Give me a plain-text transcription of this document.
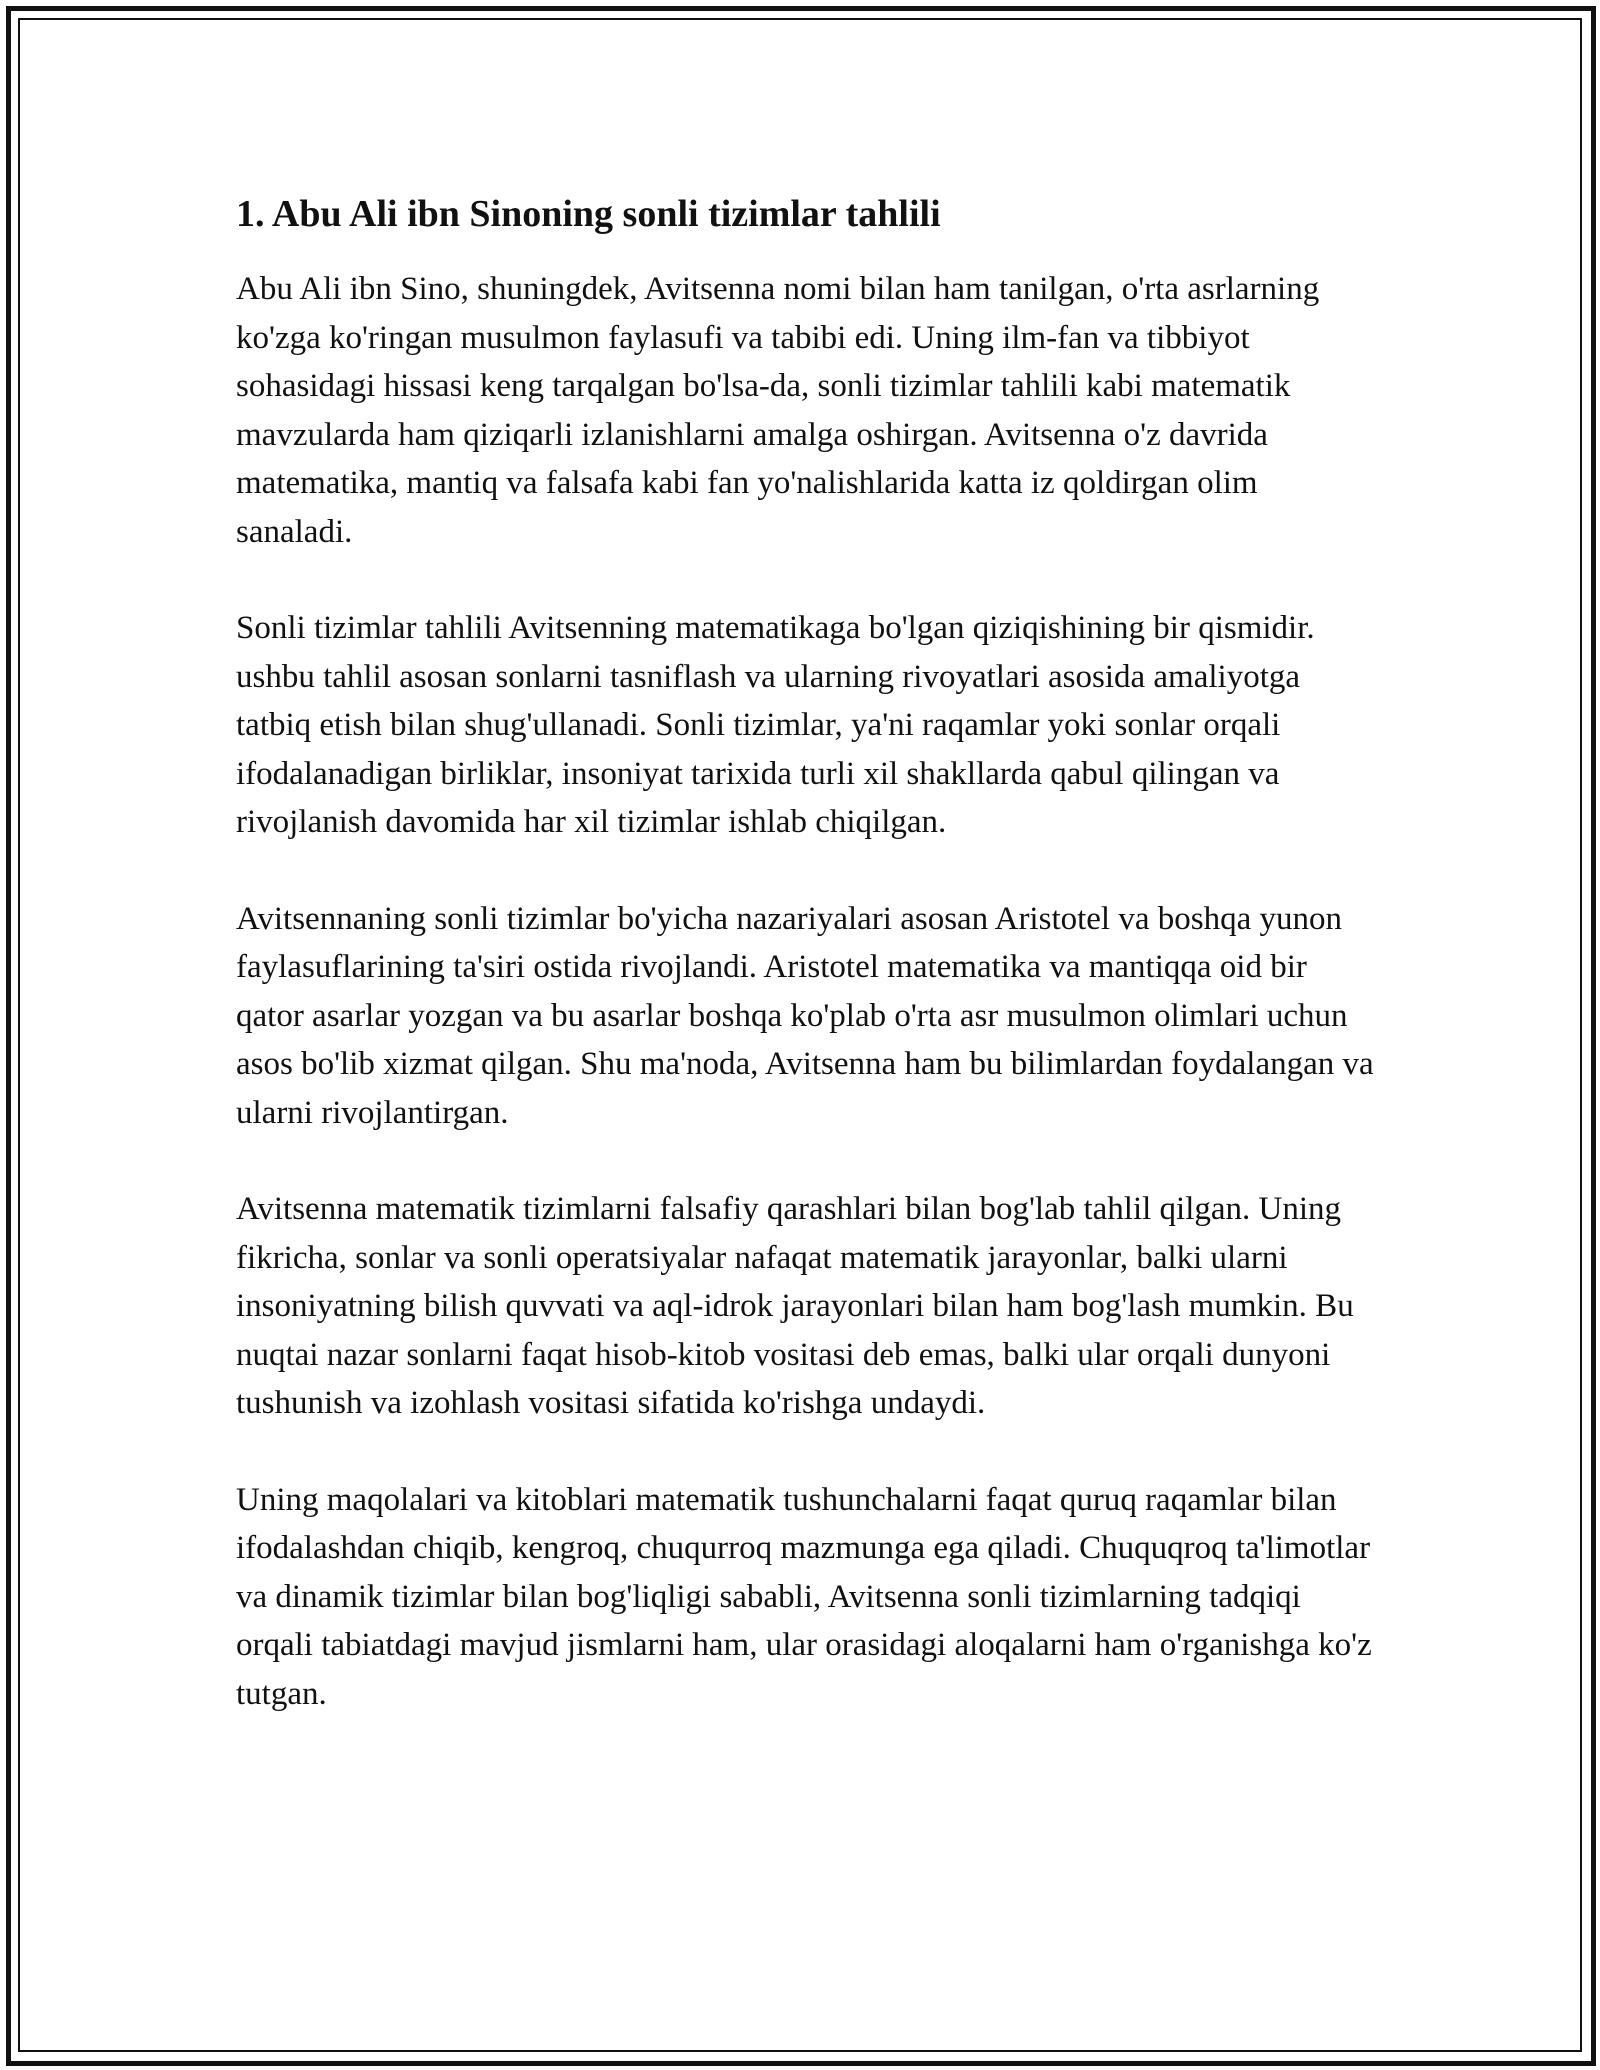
1. Abu Ali ibn Sinoning sonli tizimlar tahlili

Abu Ali ibn Sino, shuningdek, Avitsenna nomi bilan ham tanilgan, o'rta asrlarning ko'zga ko'ringan musulmon faylasufi va tabibi edi. Uning ilm-fan va tibbiyot sohasidagi hissasi keng tarqalgan bo'lsa-da, sonli tizimlar tahlili kabi matematik mavzularda ham qiziqarli izlanishlarni amalga oshirgan. Avitsenna o'z davrida matematika, mantiq va falsafa kabi fan yo'nalishlarida katta iz qoldirgan olim sanaladi.

Sonli tizimlar tahlili Avitsenning matematikaga bo'lgan qiziqishining bir qismidir. ushbu tahlil asosan sonlarni tasniflash va ularning rivoyatlari asosida amaliyotga tatbiq etish bilan shug'ullanadi. Sonli tizimlar, ya'ni raqamlar yoki sonlar orqali ifodalanadigan birliklar, insoniyat tarixida turli xil shakllarda qabul qilingan va rivojlanish davomida har xil tizimlar ishlab chiqilgan.

Avitsennaning sonli tizimlar bo'yicha nazariyalari asosan Aristotel va boshqa yunon faylasuflarining ta'siri ostida rivojlandi. Aristotel matematika va mantiqqa oid bir qator asarlar yozgan va bu asarlar boshqa ko'plab o'rta asr musulmon olimlari uchun asos bo'lib xizmat qilgan. Shu ma'noda, Avitsenna ham bu bilimlardan foydalangan va ularni rivojlantirgan.

Avitsenna matematik tizimlarni falsafiy qarashlari bilan bog'lab tahlil qilgan. Uning fikricha, sonlar va sonli operatsiyalar nafaqat matematik jarayonlar, balki ularni insoniyatning bilish quvvati va aql-idrok jarayonlari bilan ham bog'lash mumkin. Bu nuqtai nazar sonlarni faqat hisob-kitob vositasi deb emas, balki ular orqali dunyoni tushunish va izohlash vositasi sifatida ko'rishga undaydi.

Uning maqolalari va kitoblari matematik tushunchalarni faqat quruq raqamlar bilan ifodalashdan chiqib, kengroq, chuqurroq mazmunga ega qiladi. Chuquqroq ta'limotlar va dinamik tizimlar bilan bog'liqligi sababli, Avitsenna sonli tizimlarning tadqiqi orqali tabiatdagi mavjud jismlarni ham, ular orasidagi aloqalarni ham o'rganishga ko'z tutgan.
